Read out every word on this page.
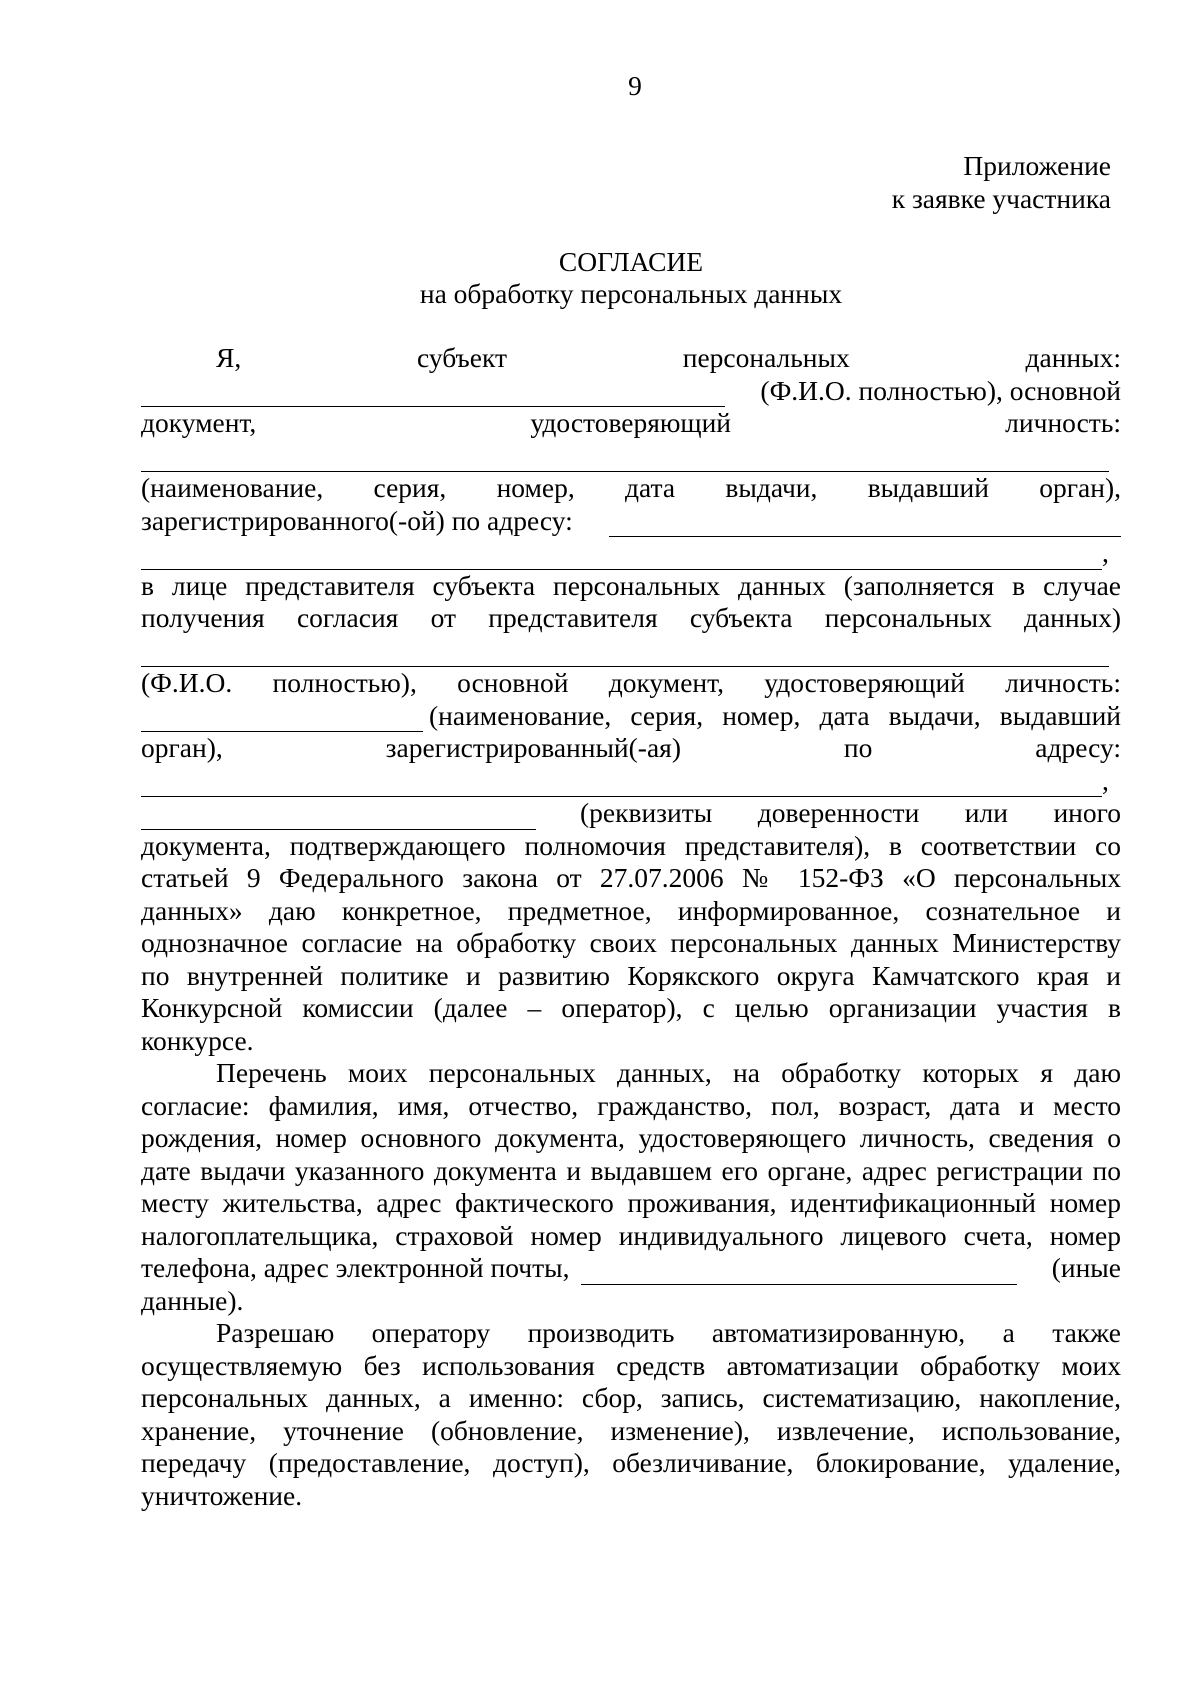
9
Приложение
к заявке участника
СОГЛАСИЕ
на обработку персональных данных
Я, субъект персональных данных:
(Ф.И.О. полностью), основной
документ, удостоверяющий личность:
(наименование, серия, номер, дата выдачи, выдавший орган),
зарегистрированного(-ой) по адресу:
,
в лице представителя субъекта персональных данных (заполняется в случае
получения согласия от представителя субъекта персональных данных)
(Ф.И.О. полностью), основной документ, удостоверяющий личность:
(наименование, серия, номер, дата выдачи, выдавший
орган), зарегистрированный(-ая) по адресу:
,
(реквизиты доверенности или иного
документа, подтверждающего полномочия представителя), в соответствии со
статьей 9 Федерального закона от 27.07.2006 № 152-ФЗ «О персональных
данных» даю конкретное, предметное, информированное, сознательное и
однозначное согласие на обработку своих персональных данных Министерству
по внутренней политике и развитию Корякского округа Камчатского края и
Конкурсной комиссии (далее – оператор), с целью организации участия в
конкурсе.
Перечень моих персональных данных, на обработку которых я даю
согласие: фамилия, имя, отчество, гражданство, пол, возраст, дата и место
рождения, номер основного документа, удостоверяющего личность, сведения о
дате выдачи указанного документа и выдавшем его органе, адрес регистрации по
месту жительства, адрес фактического проживания, идентификационный номер
налогоплательщика, страховой номер индивидуального лицевого счета, номер
телефона, адрес электронной почты,	(иные
данные).
Разрешаю оператору производить автоматизированную, а также
осуществляемую без использования средств автоматизации обработку моих
персональных данных, а именно: сбор, запись, систематизацию, накопление,
хранение, уточнение (обновление, изменение), извлечение, использование,
передачу (предоставление, доступ), обезличивание, блокирование, удаление,
уничтожение.
